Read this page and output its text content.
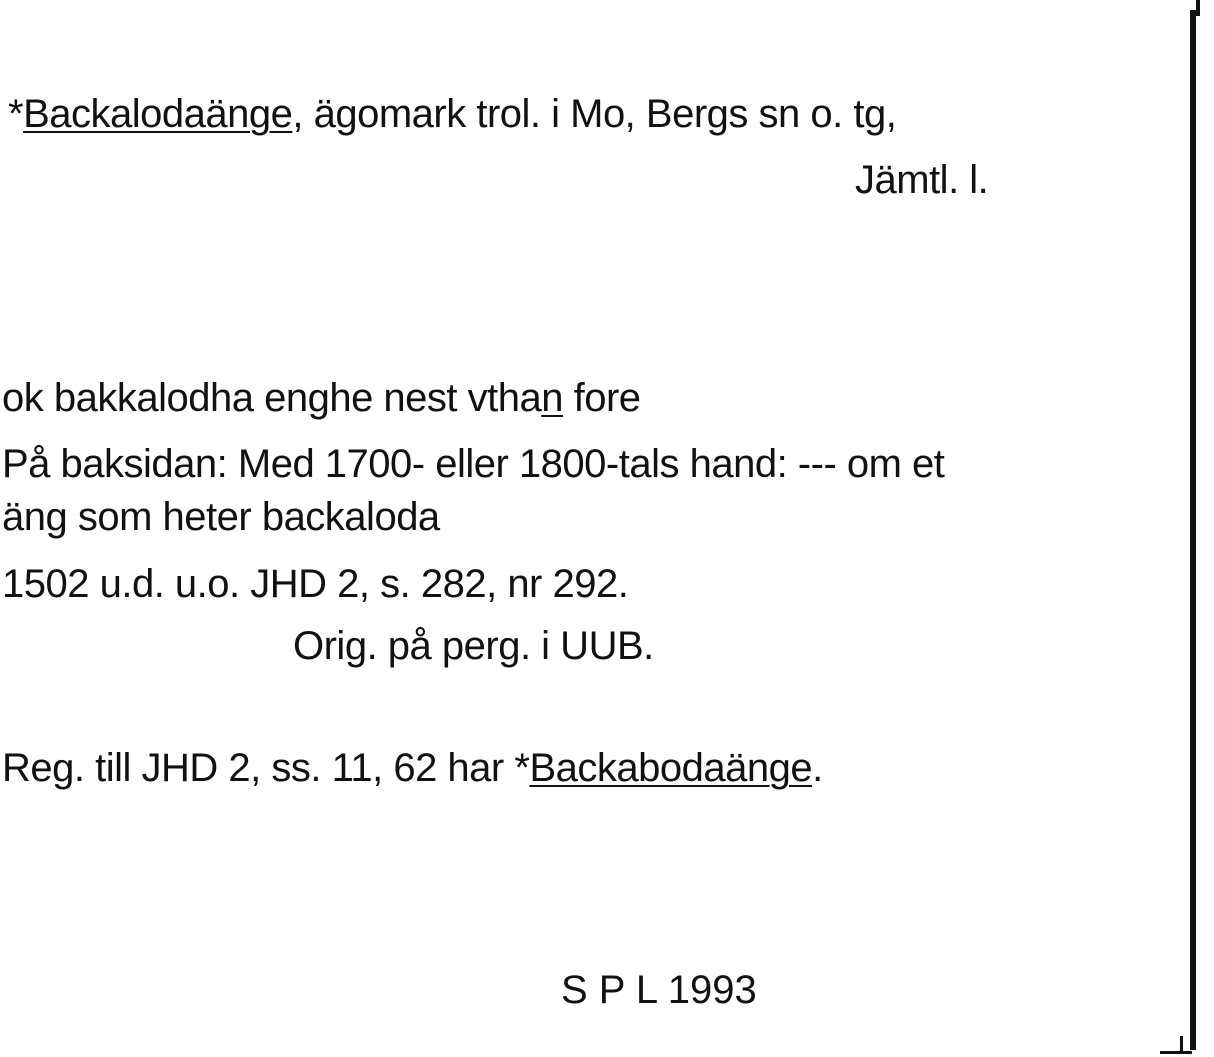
*Backalodaänge, ägomark trol. i Mo, Bergs sn o. tg,
Jämtl. l.
ok bakkalodha enghe nest vthan fore
På baksidan: Med 1700- eller 1800-tals hand: --- om et
äng som heter backaloda
1502 u.d. u.o. JHD 2, s. 282, nr 292.
Orig. på perg. i UUB.
Reg. till JHD 2, ss. 11, 62 har *Backabodaänge.
S P L 1993
